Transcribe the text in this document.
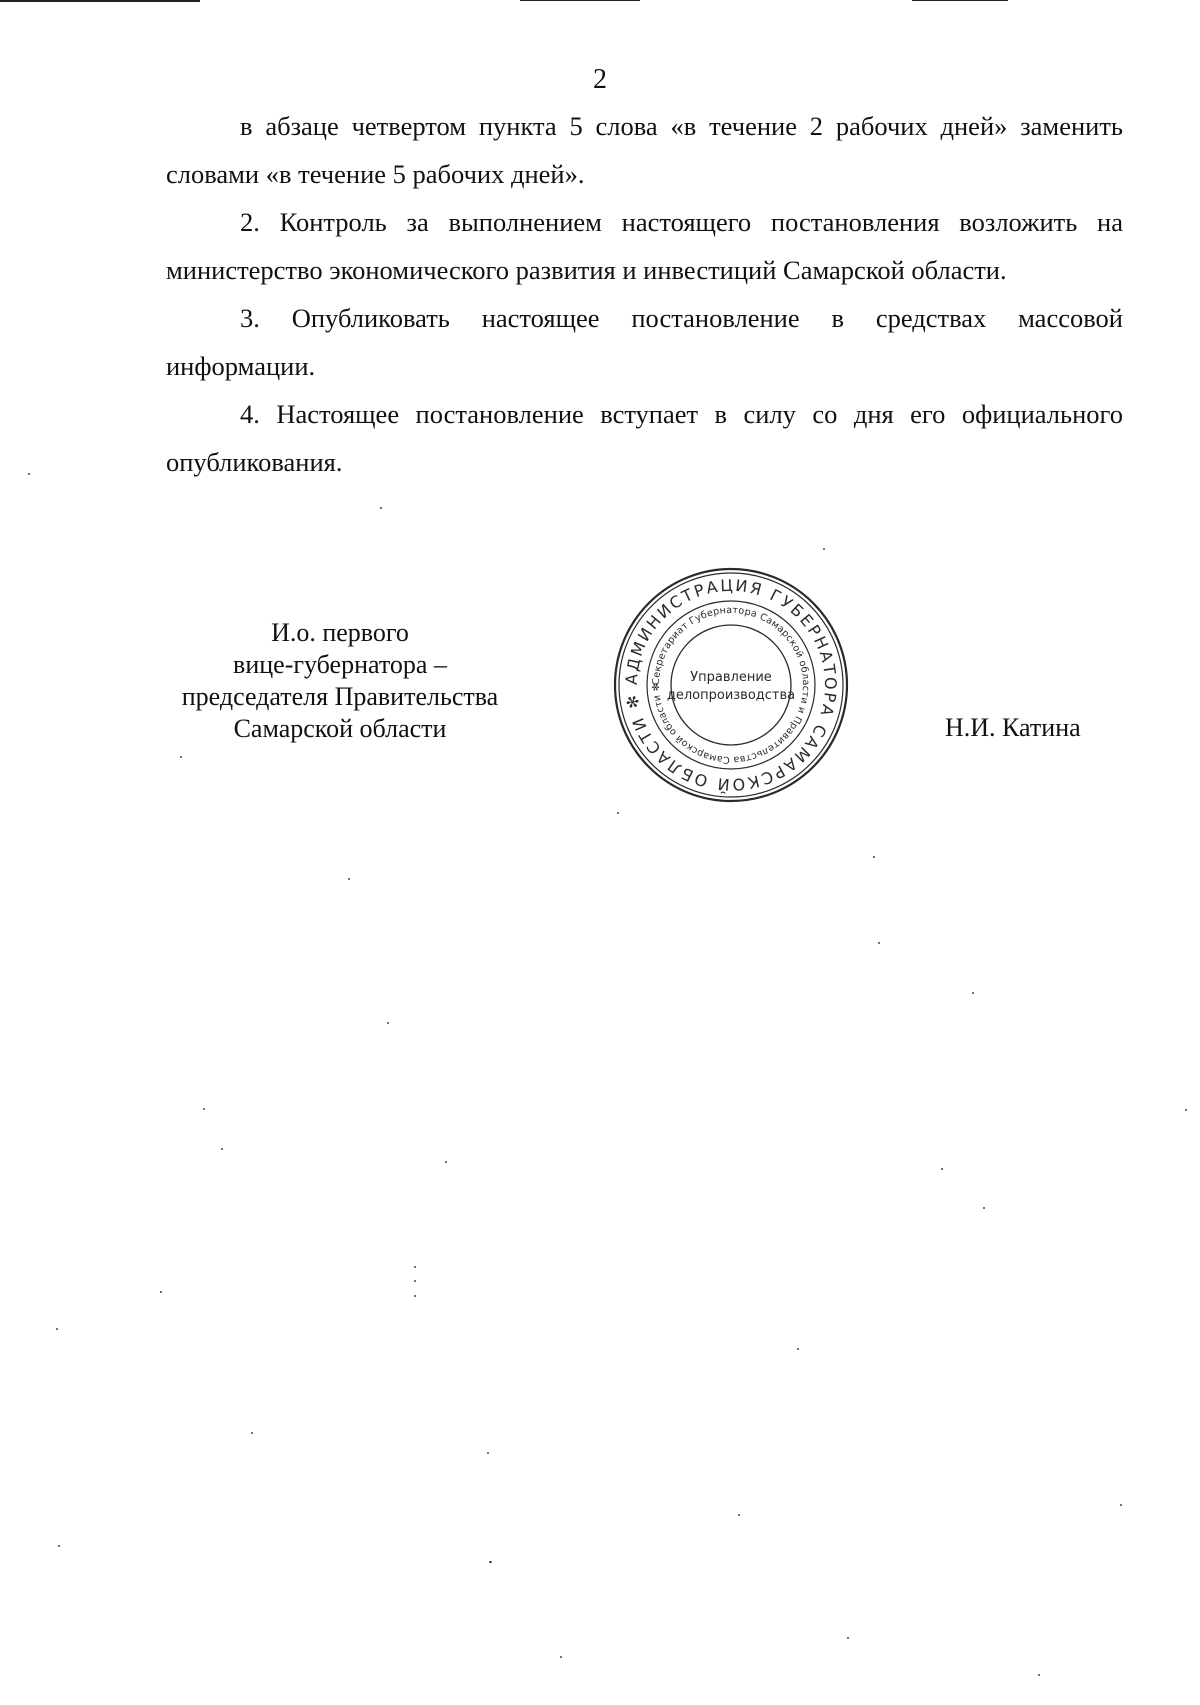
2

в абзаце четвертом пункта 5 слова «в течение 2 рабочих дней» заменить словами «в течение 5 рабочих дней».

2. Контроль за выполнением настоящего постановления возложить на министерство экономического развития и инвестиций Самарской области.

3. Опубликовать настоящее постановление в средствах массовой информации.

4. Настоящее постановление вступает в силу со дня его официального опубликования.

И.о. первого
вице-губернатора –
председателя Правительства
Самарской области	Н.И. Катина
АДМИНИСТРАЦИЯ ГУБЕРНАТОРА САМАРСКОЙ ОБЛАСТИ ✻
Секретариат Губернатора Самарской области и Правительства Самарской области ✻
Управление
делопроизводства
